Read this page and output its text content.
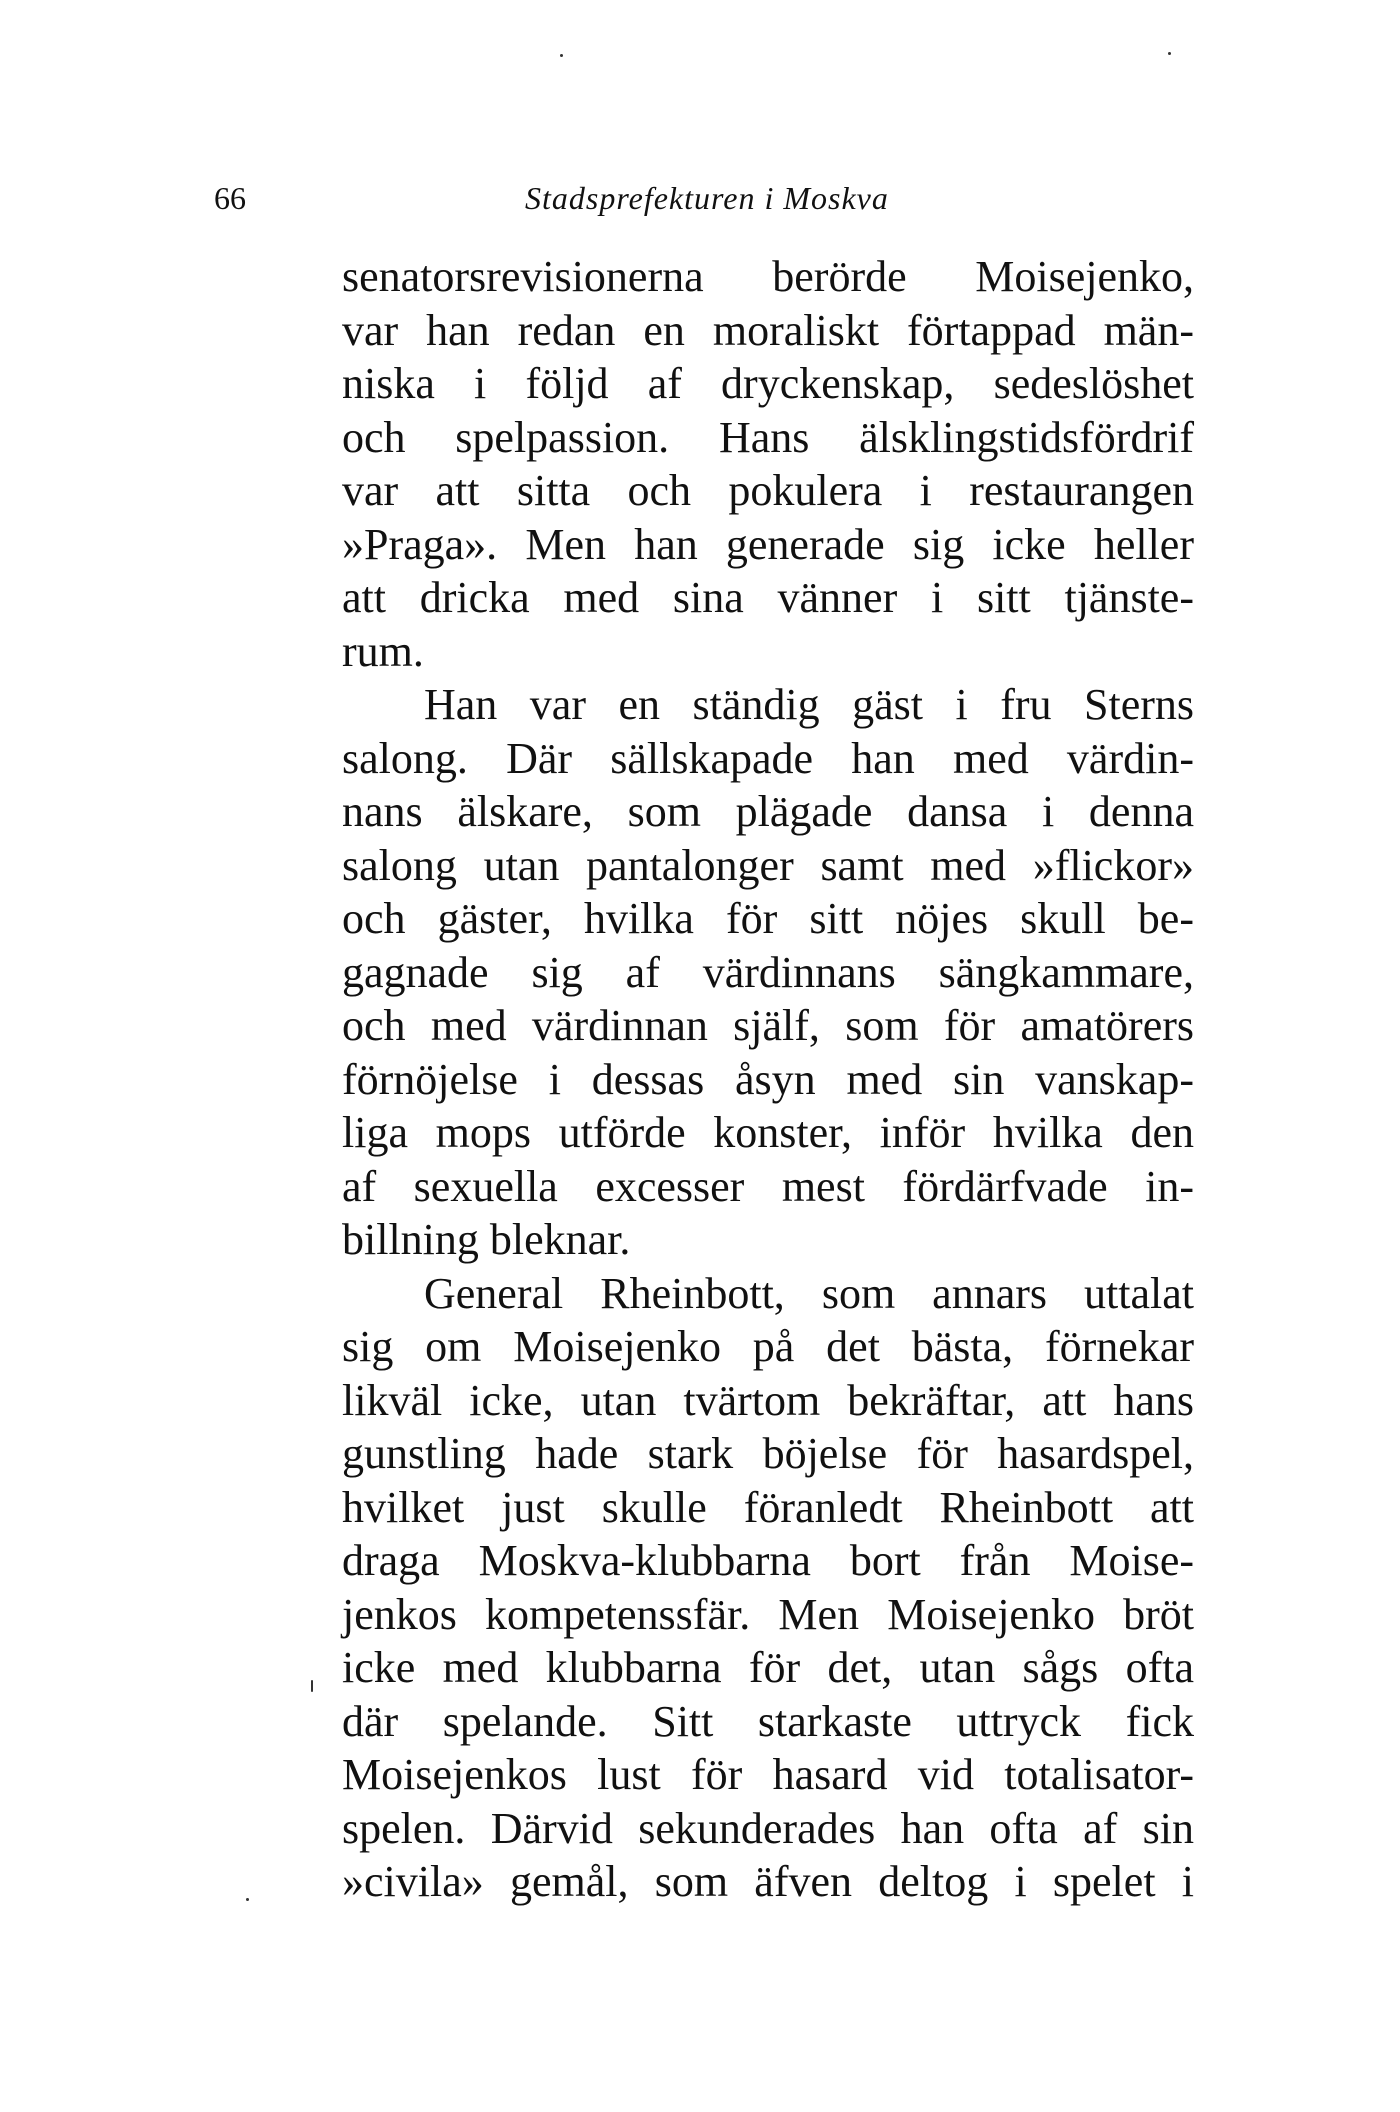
66	Stadsprefekturen i Moskva
senatorsrevisionerna berörde Moisejenko,
var han redan en moraliskt förtappad män-
niska i följd af dryckenskap, sedeslöshet
och spelpassion. Hans älsklingstidsfördrif
var att sitta och pokulera i restaurangen
»Praga». Men han generade sig icke heller
att dricka med sina vänner i sitt tjänste-
rum.
Han var en ständig gäst i fru Sterns
salong. Där sällskapade han med värdin-
nans älskare, som plägade dansa i denna
salong utan pantalonger samt med »flickor»
och gäster, hvilka för sitt nöjes skull be-
gagnade sig af värdinnans sängkammare,
och med värdinnan själf, som för amatörers
förnöjelse i dessas åsyn med sin vanskap-
liga mops utförde konster, inför hvilka den
af sexuella excesser mest fördärfvade in-
billning bleknar.
General Rheinbott, som annars uttalat
sig om Moisejenko på det bästa, förnekar
likväl icke, utan tvärtom bekräftar, att hans
gunstling hade stark böjelse för hasardspel,
hvilket just skulle föranledt Rheinbott att
draga Moskva-klubbarna bort från Moise-
jenkos kompetenssfär. Men Moisejenko bröt
icke med klubbarna för det, utan sågs ofta
där spelande. Sitt starkaste uttryck fick
Moisejenkos lust för hasard vid totalisator-
spelen. Därvid sekunderades han ofta af sin
»civila» gemål, som äfven deltog i spelet i
